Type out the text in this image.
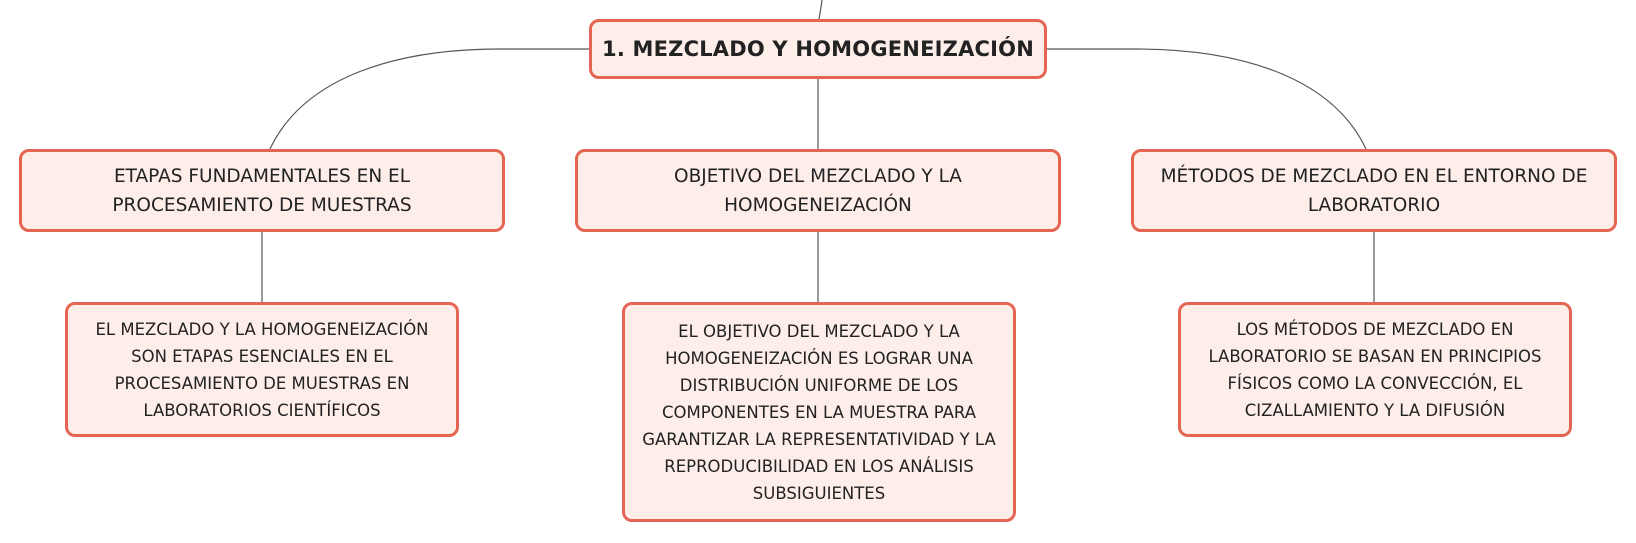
1. MEZCLADO Y HOMOGENEIZACIÓN
ETAPAS FUNDAMENTALES EN EL PROCESAMIENTO DE MUESTRAS
OBJETIVO DEL MEZCLADO Y LA HOMOGENEIZACIÓN
MÉTODOS DE MEZCLADO EN EL ENTORNO DE LABORATORIO
EL MEZCLADO Y LA HOMOGENEIZACIÓN SON ETAPAS ESENCIALES EN EL PROCESAMIENTO DE MUESTRAS EN LABORATORIOS CIENTÍFICOS
EL OBJETIVO DEL MEZCLADO Y LA HOMOGENEIZACIÓN ES LOGRAR UNA DISTRIBUCIÓN UNIFORME DE LOS COMPONENTES EN LA MUESTRA PARA GARANTIZAR LA REPRESENTATIVIDAD Y LA REPRODUCIBILIDAD EN LOS ANÁLISIS SUBSIGUIENTES
LOS MÉTODOS DE MEZCLADO EN LABORATORIO SE BASAN EN PRINCIPIOS FÍSICOS COMO LA CONVECCIÓN, EL CIZALLAMIENTO Y LA DIFUSIÓN
